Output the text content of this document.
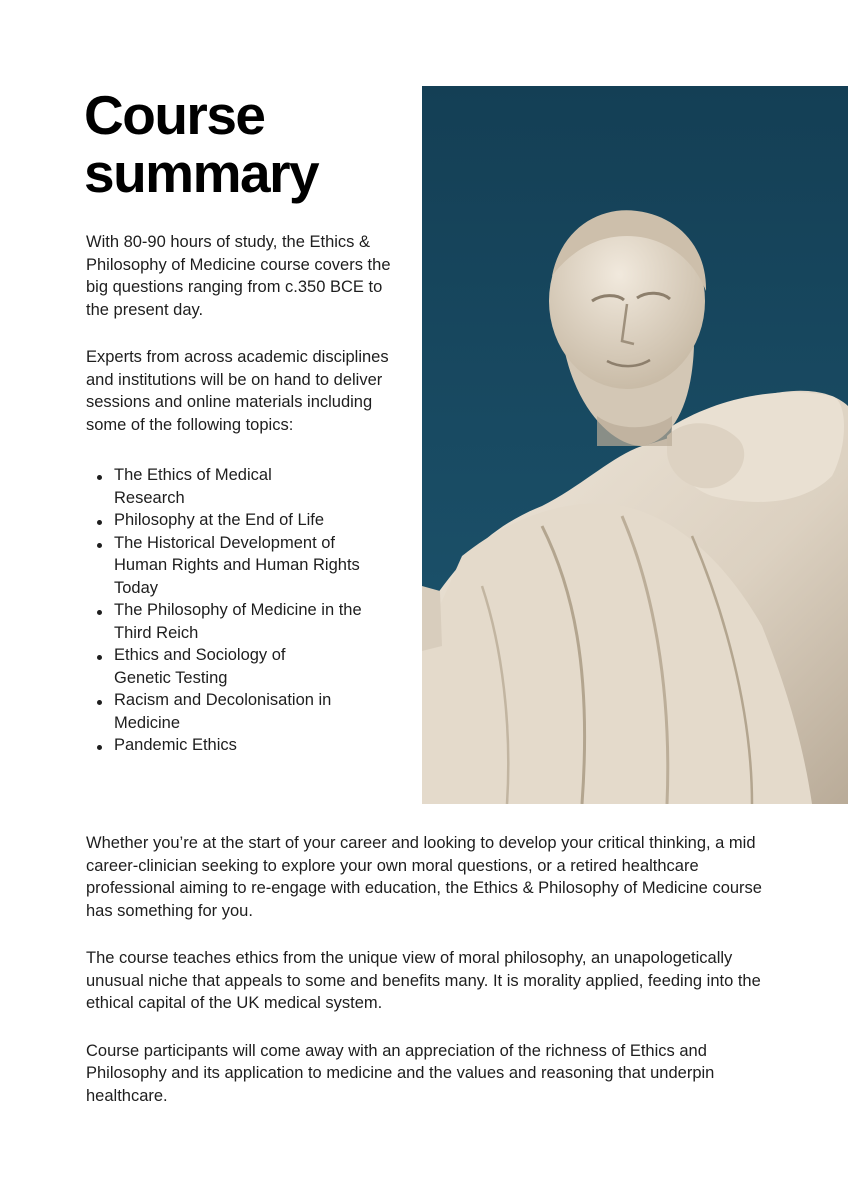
Course
summary

With 80-90 hours of study, the Ethics & Philosophy of Medicine course covers the big questions ranging from c.350 BCE to the present day.

Experts from across academic disciplines and institutions will be on hand to deliver sessions and online materials including some of the following topics:

The Ethics of Medical Research
Philosophy at the End of Life
The Historical Development of Human Rights and Human Rights Today
The Philosophy of Medicine in the Third Reich
Ethics and Sociology of Genetic Testing
Racism and Decolonisation in Medicine
Pandemic Ethics

Whether you’re at the start of your career and looking to develop your critical thinking, a mid career-clinician seeking to explore your own moral questions, or a retired healthcare professional aiming to re-engage with education, the Ethics & Philosophy of Medicine course has something for you.

The course teaches ethics from the unique view of moral philosophy, an unapologetically unusual niche that appeals to some and benefits many. It is morality applied, feeding into the ethical capital of the UK medical system.

Course participants will come away with an appreciation of the richness of Ethics and Philosophy and its application to medicine and the values and reasoning that underpin healthcare.
